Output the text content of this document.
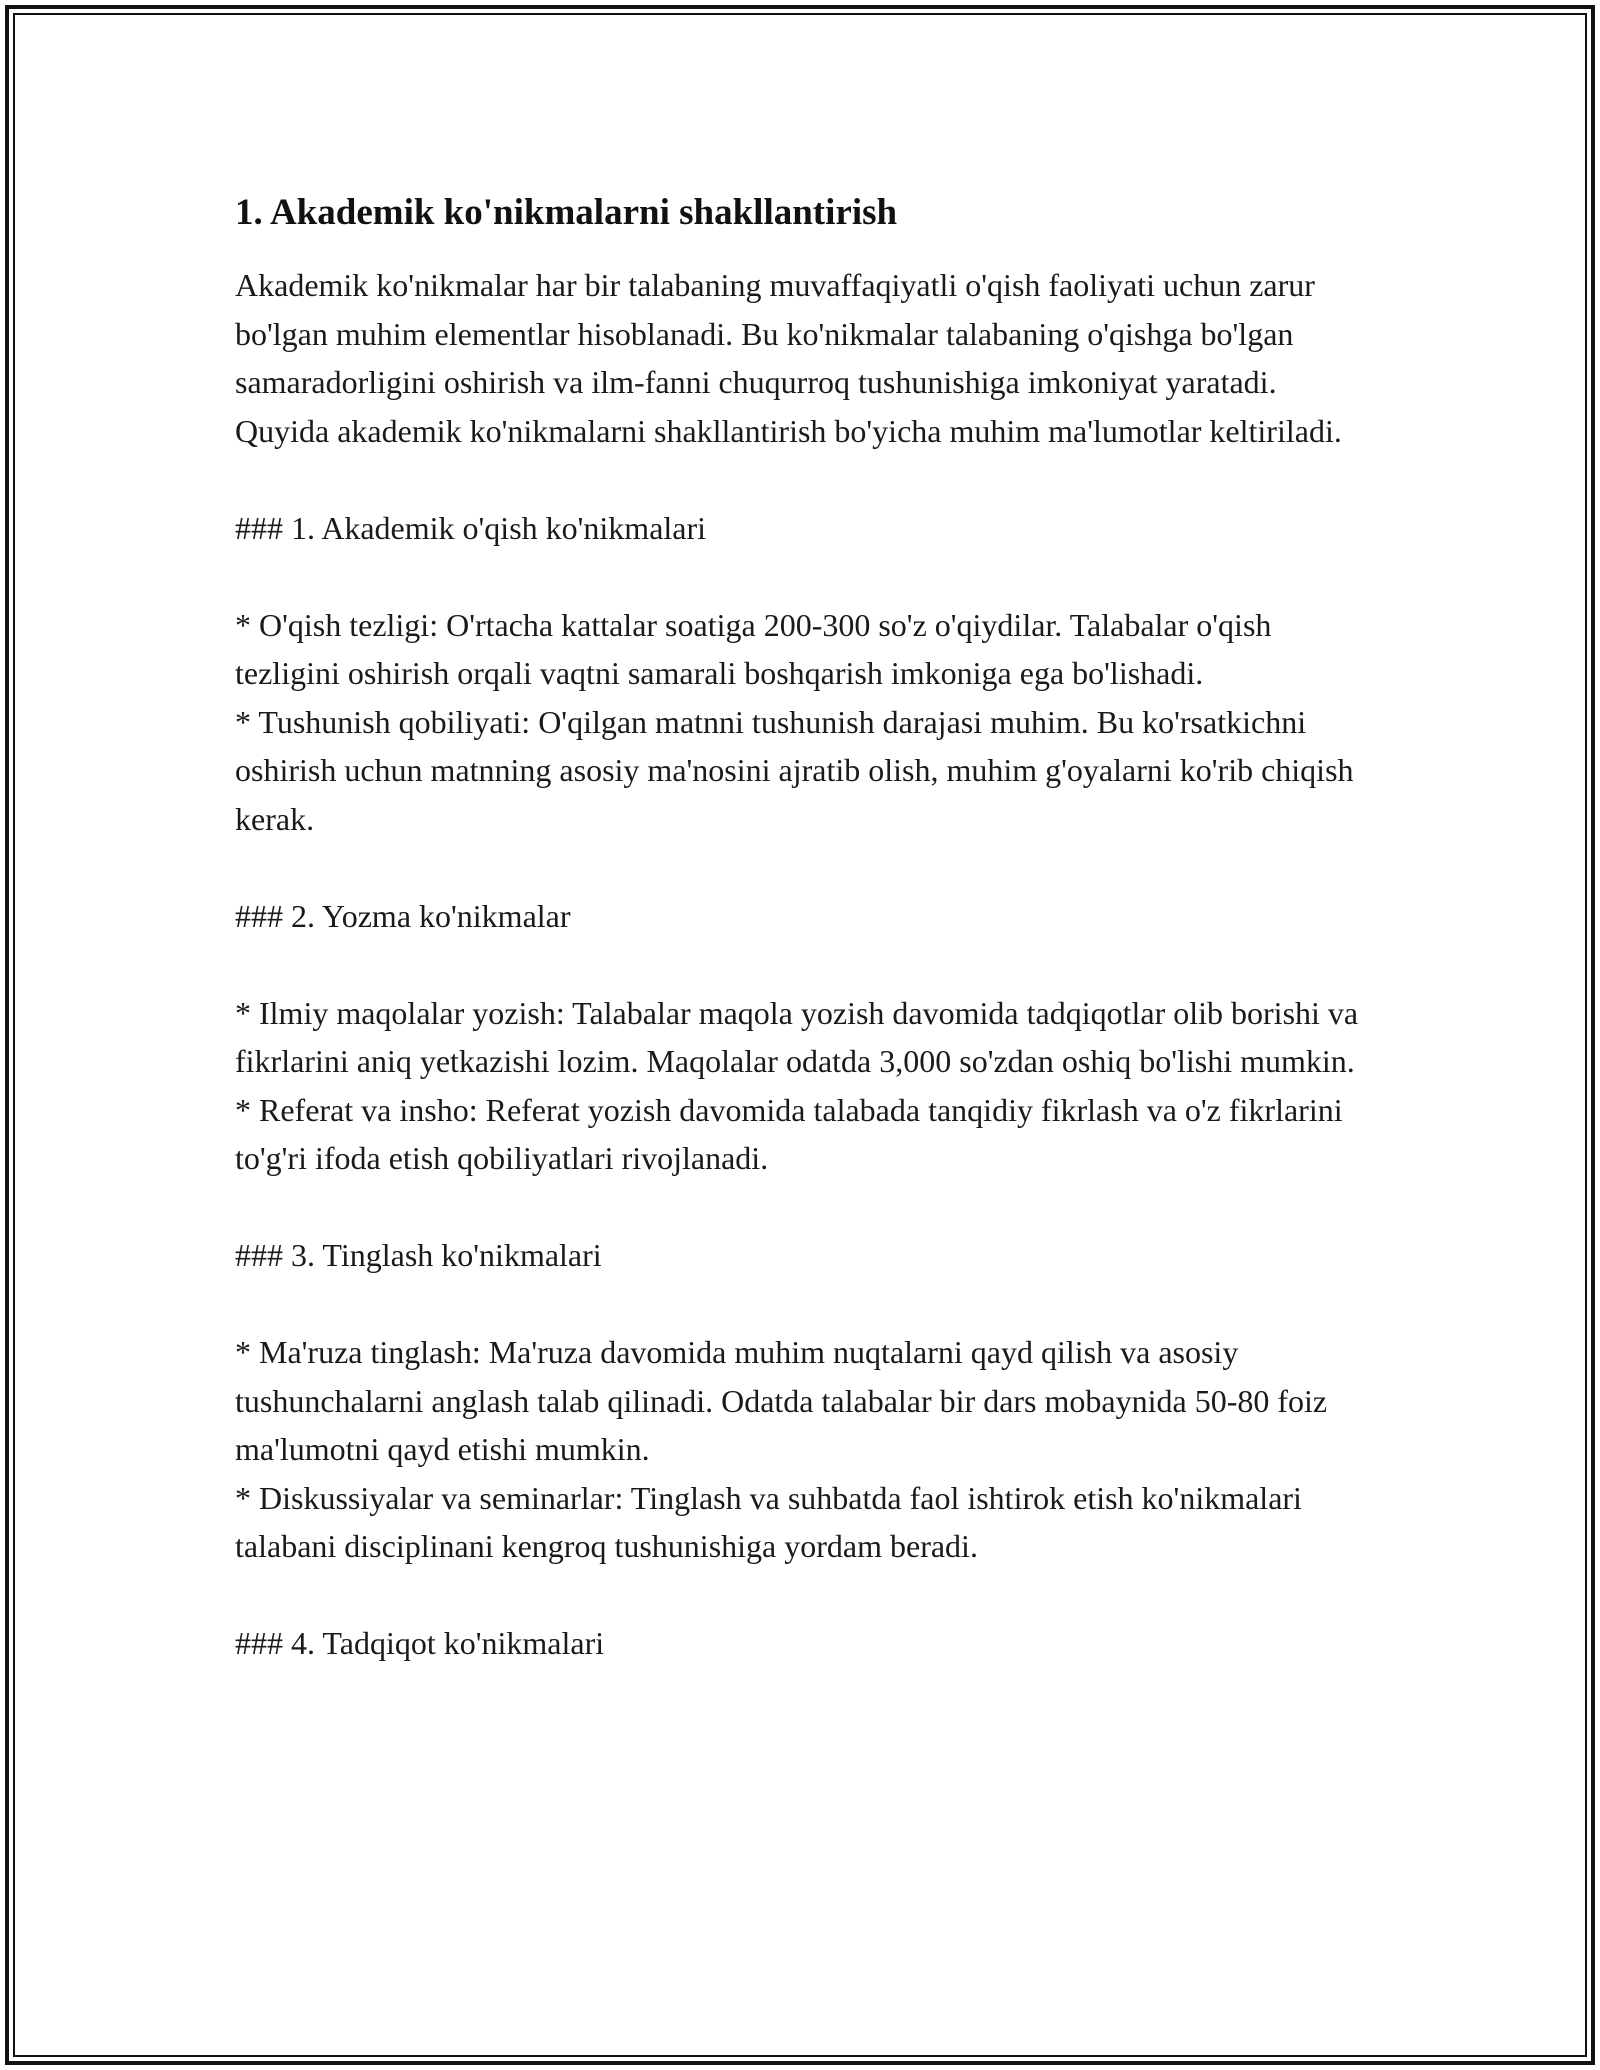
1. Akademik ko'nikmalarni shakllantirish

Akademik ko'nikmalar har bir talabaning muvaffaqiyatli o'qish faoliyati uchun zarur bo'lgan muhim elementlar hisoblanadi. Bu ko'nikmalar talabaning o'qishga bo'lgan samaradorligini oshirish va ilm-fanni chuqurroq tushunishiga imkoniyat yaratadi. Quyida akademik ko'nikmalarni shakllantirish bo'yicha muhim ma'lumotlar keltiriladi.

### 1. Akademik o'qish ko'nikmalari

* O'qish tezligi: O'rtacha kattalar soatiga 200-300 so'z o'qiydilar. Talabalar o'qish tezligini oshirish orqali vaqtni samarali boshqarish imkoniga ega bo'lishadi.

* Tushunish qobiliyati: O'qilgan matnni tushunish darajasi muhim. Bu ko'rsatkichni oshirish uchun matnning asosiy ma'nosini ajratib olish, muhim g'oyalarni ko'rib chiqish kerak.

### 2. Yozma ko'nikmalar

* Ilmiy maqolalar yozish: Talabalar maqola yozish davomida tadqiqotlar olib borishi va fikrlarini aniq yetkazishi lozim. Maqolalar odatda 3,000 so'zdan oshiq bo'lishi mumkin.

* Referat va insho: Referat yozish davomida talabada tanqidiy fikrlash va o'z fikrlarini to'g'ri ifoda etish qobiliyatlari rivojlanadi.

### 3. Tinglash ko'nikmalari

* Ma'ruza tinglash: Ma'ruza davomida muhim nuqtalarni qayd qilish va asosiy tushunchalarni anglash talab qilinadi. Odatda talabalar bir dars mobaynida 50-80 foiz ma'lumotni qayd etishi mumkin.

* Diskussiyalar va seminarlar: Tinglash va suhbatda faol ishtirok etish ko'nikmalari talabani disciplinani kengroq tushunishiga yordam beradi.

### 4. Tadqiqot ko'nikmalari
